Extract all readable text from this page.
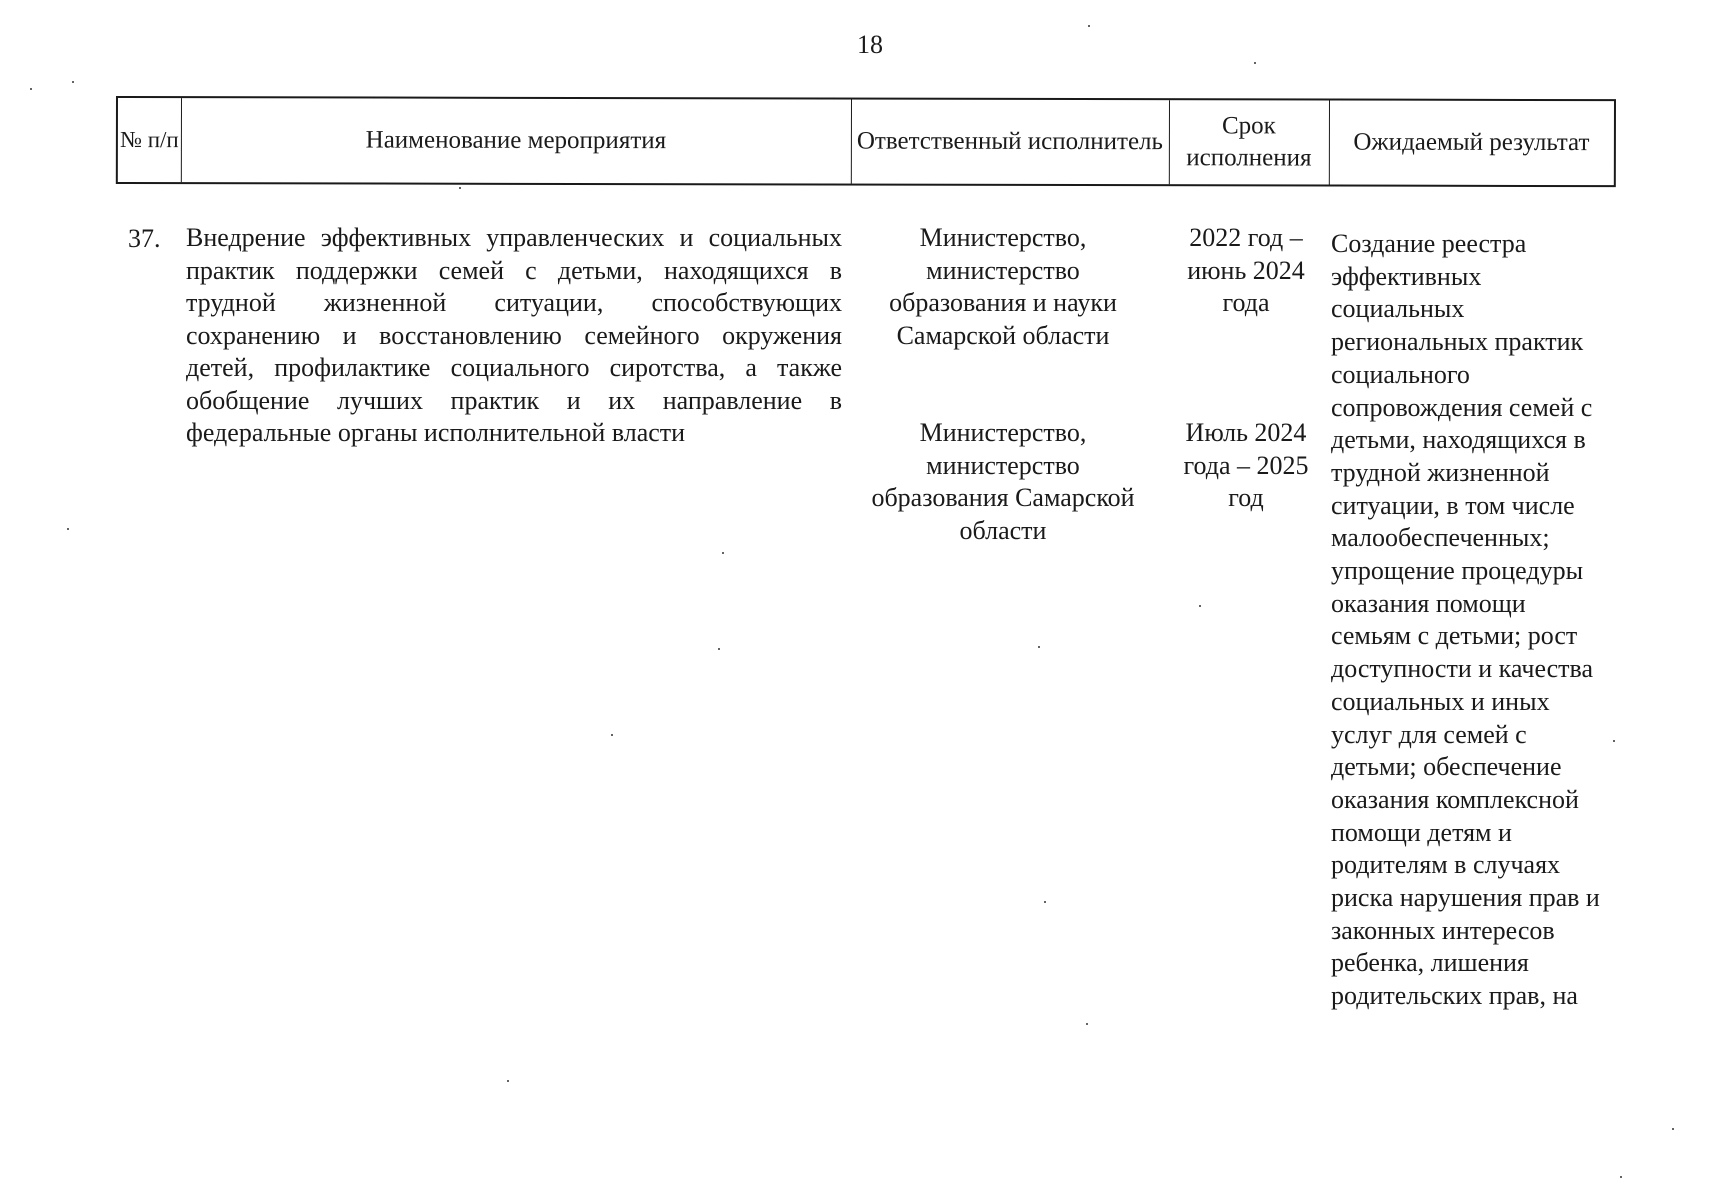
18
№ п/п	Наименование мероприятия	Ответственный исполнитель
Срок исполнения
Ожидаемый результат
37. Внедрение эффективных управленческих и социальных практик поддержки семей с детьми, находящихся в трудной жизненной ситуации, способствующих сохранению и восстановлению семейного окружения детей, профилактике социального сиротства, а также обобщение лучших практик и их направление в федеральные органы исполнительной власти

Министерство, министерство образования и науки Самарской области
Министерство, министерство образования Самарской области
2022 год – июнь 2024 года
Июль 2024 года – 2025 год
Создание реестра эффективных социальных региональных практик социального сопровождения семей с детьми, находящихся в трудной жизненной ситуации, в том числе малообеспеченных; упрощение процедуры оказания помощи семьям с детьми; рост доступности и качества социальных и иных услуг для семей с детьми; обеспечение оказания комплексной помощи детям и родителям в случаях риска нарушения прав и законных интересов ребенка, лишения родительских прав, на
